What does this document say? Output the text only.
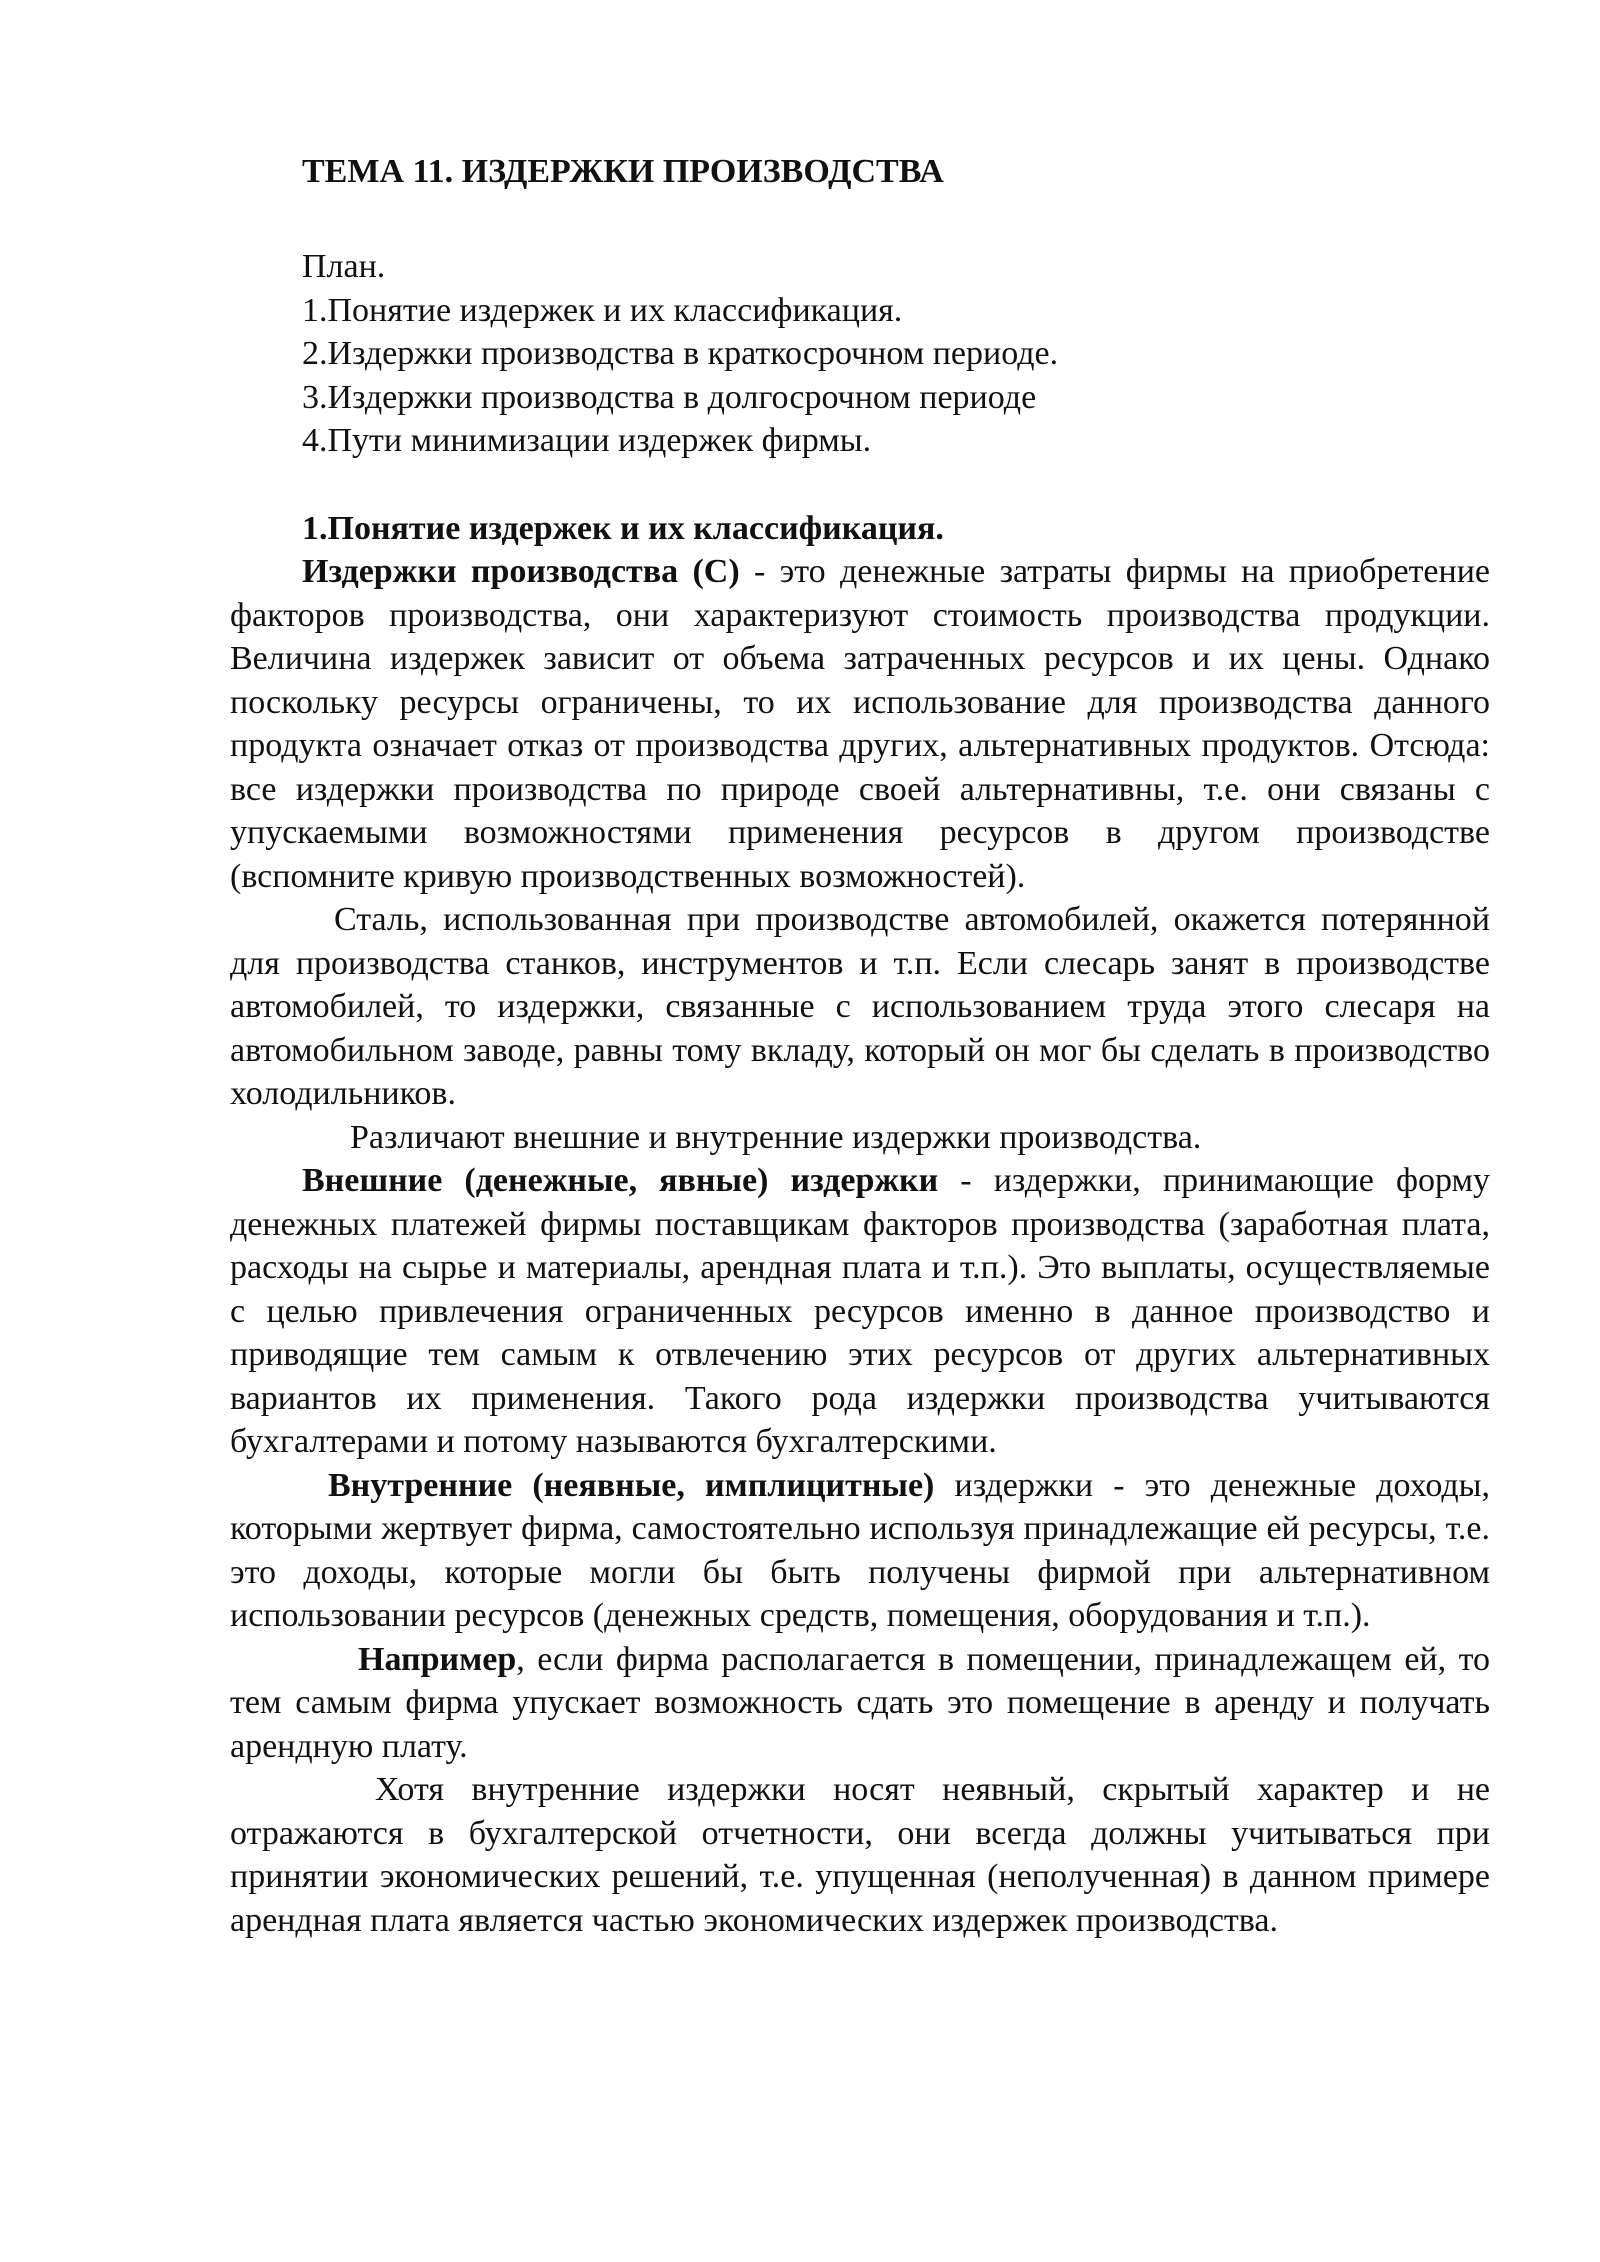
ТЕМА 11. ИЗДЕРЖКИ ПРОИЗВОДСТВА
План.
1.Понятие издержек и их классификация.
2.Издержки производства в краткосрочном периоде.
3.Издержки производства в долгосрочном периоде
4.Пути минимизации издержек фирмы.
1.Понятие издержек и их классификация.

Издержки производства (С) - это денежные затраты фирмы на приобретение факторов производства, они характеризуют стоимость производства продукции. Величина издержек зависит от объема затраченных ресурсов и их цены. Однако поскольку ресурсы ограничены, то их использование для производства данного продукта означает отказ от производства других, альтернативных продуктов. Отсюда: все издержки производства по природе своей альтернативны, т.е. они связаны с упускаемыми возможностями применения ресурсов в другом производстве (вспомните кривую производственных возможностей).

Сталь, использованная при производстве автомобилей, окажется потерянной для производства станков, инструментов и т.п. Если слесарь занят в производстве автомобилей, то издержки, связанные с использованием труда этого слесаря на автомобильном заводе, равны тому вкладу, который он мог бы сделать в производство холодильников.

Различают внешние и внутренние издержки производства.

Внешние (денежные, явные) издержки - издержки, принимающие форму денежных платежей фирмы поставщикам факторов производства (заработная плата, расходы на сырье и материалы, арендная плата и т.п.). Это выплаты, осуществляемые с целью привлечения ограниченных ресурсов именно в данное производство и приводящие тем самым к отвлечению этих ресурсов от других альтернативных вариантов их применения. Такого рода издержки производства учитываются бухгалтерами и потому называются бухгалтерскими.

Внутренние (неявные, имплицитные) издержки - это денежные доходы, которыми жертвует фирма, самостоятельно используя принадлежащие ей ресурсы, т.е. это доходы, которые могли бы быть получены фирмой при альтернативном использовании ресурсов (денежных средств, помещения, оборудования и т.п.).

Например, если фирма располагается в помещении, принадлежащем ей, то тем самым фирма упускает возможность сдать это помещение в аренду и получать арендную плату.

Хотя внутренние издержки носят неявный, скрытый характер и не отражаются в бухгалтерской отчетности, они всегда должны учитываться при принятии экономических решений, т.е. упущенная (неполученная) в данном примере арендная плата является частью экономических издержек производства.
